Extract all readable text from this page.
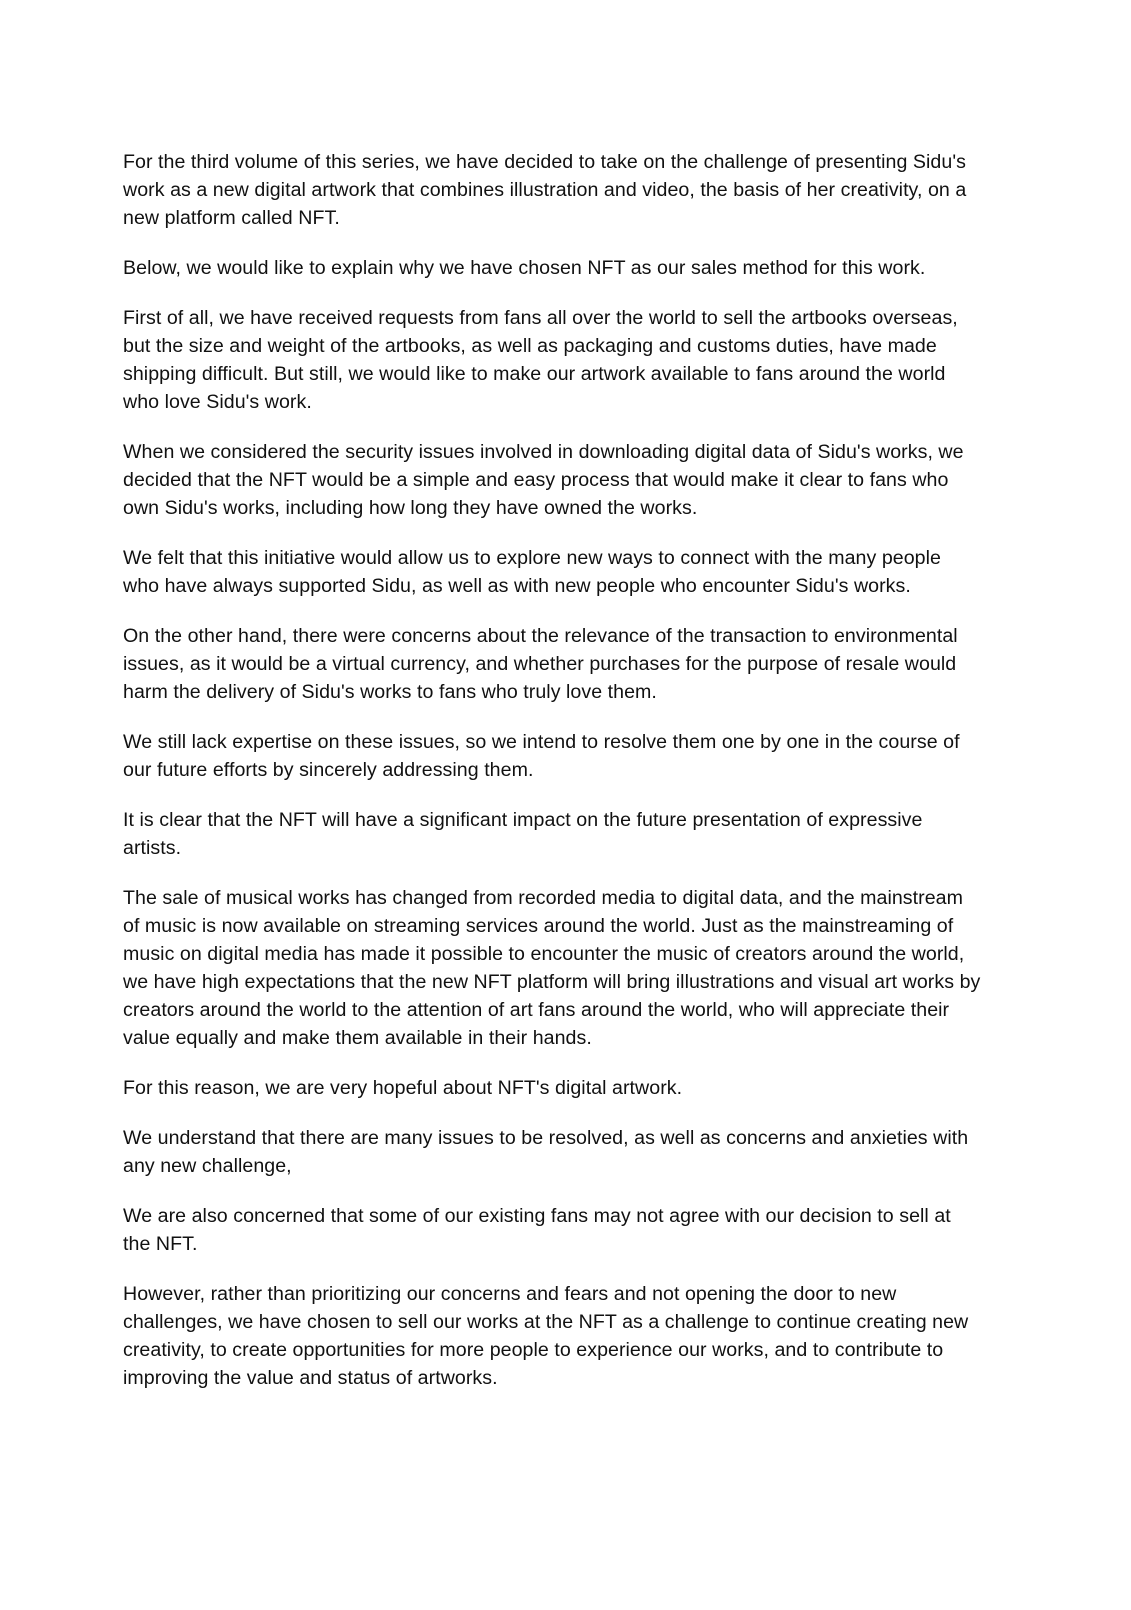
For the third volume of this series, we have decided to take on the challenge of presenting Sidu's work as a new digital artwork that combines illustration and video, the basis of her creativity, on a new platform called NFT.

Below, we would like to explain why we have chosen NFT as our sales method for this work.

First of all, we have received requests from fans all over the world to sell the artbooks overseas, but the size and weight of the artbooks, as well as packaging and customs duties, have made shipping difficult. But still, we would like to make our artwork available to fans around the world who love Sidu's work.

When we considered the security issues involved in downloading digital data of Sidu's works, we decided that the NFT would be a simple and easy process that would make it clear to fans who own Sidu's works, including how long they have owned the works.

We felt that this initiative would allow us to explore new ways to connect with the many people who have always supported Sidu, as well as with new people who encounter Sidu's works.

On the other hand, there were concerns about the relevance of the transaction to environmental issues, as it would be a virtual currency, and whether purchases for the purpose of resale would harm the delivery of Sidu's works to fans who truly love them.

We still lack expertise on these issues, so we intend to resolve them one by one in the course of our future efforts by sincerely addressing them.

It is clear that the NFT will have a significant impact on the future presentation of expressive artists.

The sale of musical works has changed from recorded media to digital data, and the mainstream of music is now available on streaming services around the world. Just as the mainstreaming of music on digital media has made it possible to encounter the music of creators around the world, we have high expectations that the new NFT platform will bring illustrations and visual art works by creators around the world to the attention of art fans around the world, who will appreciate their value equally and make them available in their hands.

For this reason, we are very hopeful about NFT's digital artwork.

We understand that there are many issues to be resolved, as well as concerns and anxieties with any new challenge,

We are also concerned that some of our existing fans may not agree with our decision to sell at the NFT.

However, rather than prioritizing our concerns and fears and not opening the door to new challenges, we have chosen to sell our works at the NFT as a challenge to continue creating new creativity, to create opportunities for more people to experience our works, and to contribute to improving the value and status of artworks.
